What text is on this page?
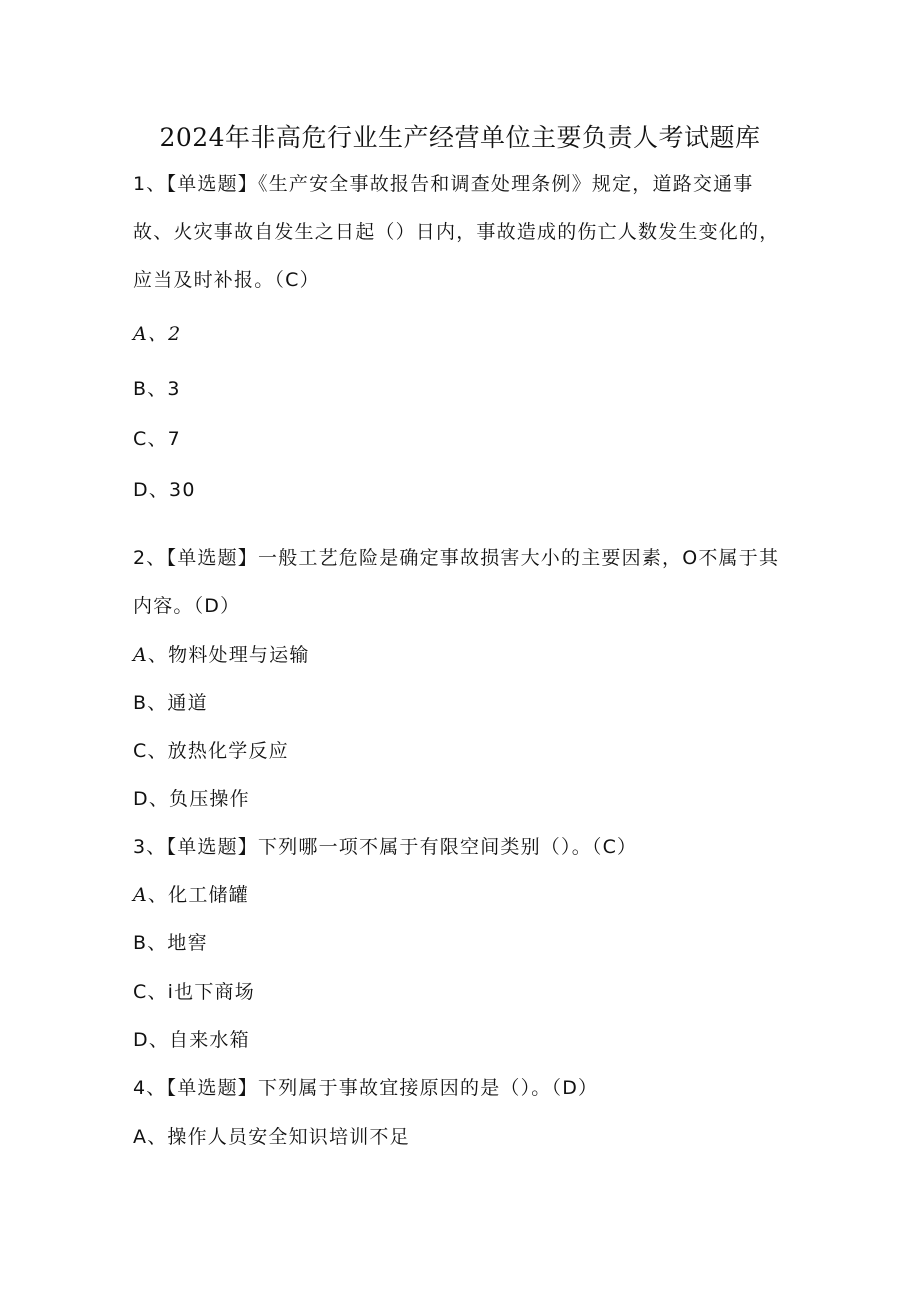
2024年非高危行业生产经营单位主要负责人考试题库
1、【单选题】《生产安全事故报告和调查处理条例》规定，道路交通事故、火灾事故自发生之日起（）日内，事故造成的伤亡人数发生变化的，应当及时补报。（C）
A、2
B、3
C、7
D、30
2、【单选题】一般工艺危险是确定事故损害大小的主要因素，O不属于其内容。（D）
A、物料处理与运输
B、通道
C、放热化学反应
D、负压操作
3、【单选题】下列哪一项不属于有限空间类别（）。（C）
A、化工储罐
B、地窖
C、i也下商场
D、自来水箱
4、【单选题】下列属于事故宜接原因的是（）。（D）
A、操作人员安全知识培训不足
